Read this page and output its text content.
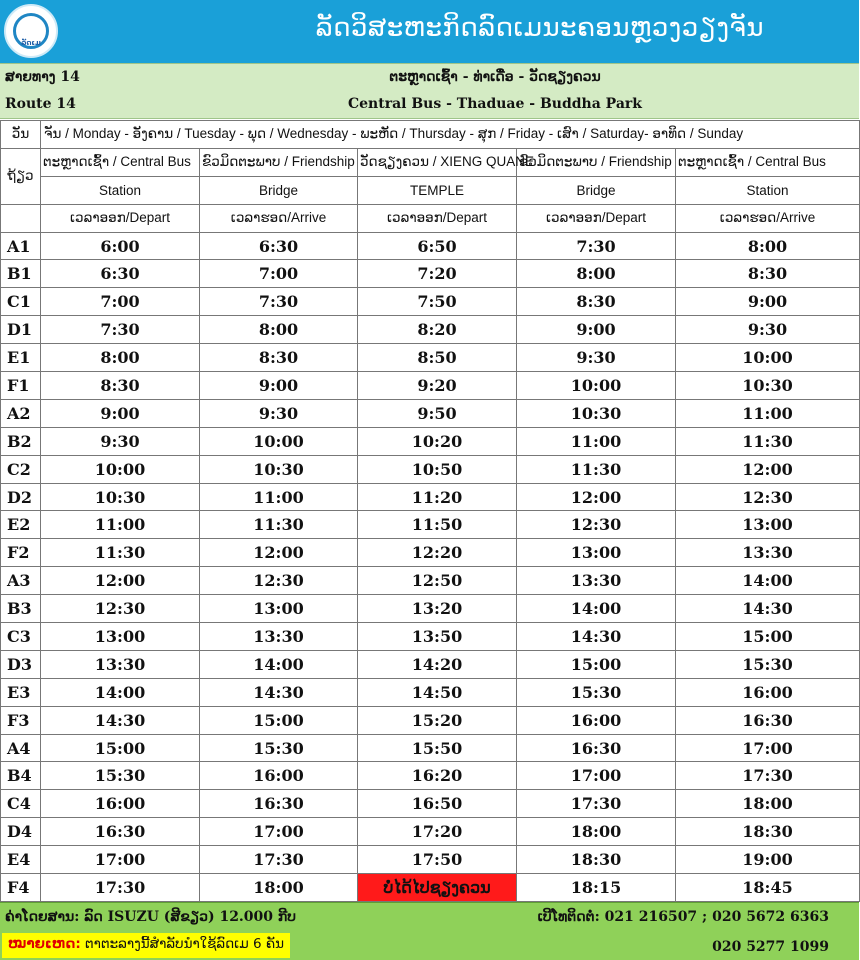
ລັດເມ	ລັດວິສະຫະກິດລົດເມນະຄອນຫຼວງວຽງຈັນ
ສາຍທາງ 14	ຕະຫຼາດເຊົ້າ - ທ່າເດື່ອ - ວັດຊຽງຄວນ
Route 14	Central Bus - Thaduae - Buddha Park
ວັນ	ຈັນ / Monday - ອັງຄານ / Tuesday - ພຸດ / Wednesday - ພະຫັດ / Thursday - ສຸກ / Friday - ເສົາ / Saturday- ອາທິດ / Sunday				
ຖ້ຽວ	ຕະຫຼາດເຊົ້າ / Central Bus	ຂົວມິດຕະພາບ / Friendship	ວັດຊຽງຄວນ / XIENG QUANE	ຂົວມິດຕະພາບ / Friendship	ຕະຫຼາດເຊົ້າ / Central Bus
	Station	Bridge	TEMPLE	Bridge	Station
	ເວລາອອກ/Depart	ເວລາຮອດ/Arrive	ເວລາອອກ/Depart	ເວລາອອກ/Depart	ເວລາຮອດ/Arrive
A1	6:00	6:30	6:50	7:30	8:00
B1	6:30	7:00	7:20	8:00	8:30
C1	7:00	7:30	7:50	8:30	9:00
D1	7:30	8:00	8:20	9:00	9:30
E1	8:00	8:30	8:50	9:30	10:00
F1	8:30	9:00	9:20	10:00	10:30
A2	9:00	9:30	9:50	10:30	11:00
B2	9:30	10:00	10:20	11:00	11:30
C2	10:00	10:30	10:50	11:30	12:00
D2	10:30	11:00	11:20	12:00	12:30
E2	11:00	11:30	11:50	12:30	13:00
F2	11:30	12:00	12:20	13:00	13:30
A3	12:00	12:30	12:50	13:30	14:00
B3	12:30	13:00	13:20	14:00	14:30
C3	13:00	13:30	13:50	14:30	15:00
D3	13:30	14:00	14:20	15:00	15:30
E3	14:00	14:30	14:50	15:30	16:00
F3	14:30	15:00	15:20	16:00	16:30
A4	15:00	15:30	15:50	16:30	17:00
B4	15:30	16:00	16:20	17:00	17:30
C4	16:00	16:30	16:50	17:30	18:00
D4	16:30	17:00	17:20	18:00	18:30
E4	17:00	17:30	17:50	18:30	19:00
F4	17:30	18:00	ບໍ່ໄດ້ໄປຊຽງຄວນ	18:15	18:45
ຄ່າໂດຍສານ: ລົດ ISUZU (ສີຂຽວ) 12.000 ກີບ	ເບີໂທຕິດຕໍ່: 021 216507 ; 020 5672 6363
ໝາຍເຫດ: ຕາຕະລາງນີ້ສຳລັບນຳໃຊ້ລົດເມ 6 ຄັນ	020 5277 1099
